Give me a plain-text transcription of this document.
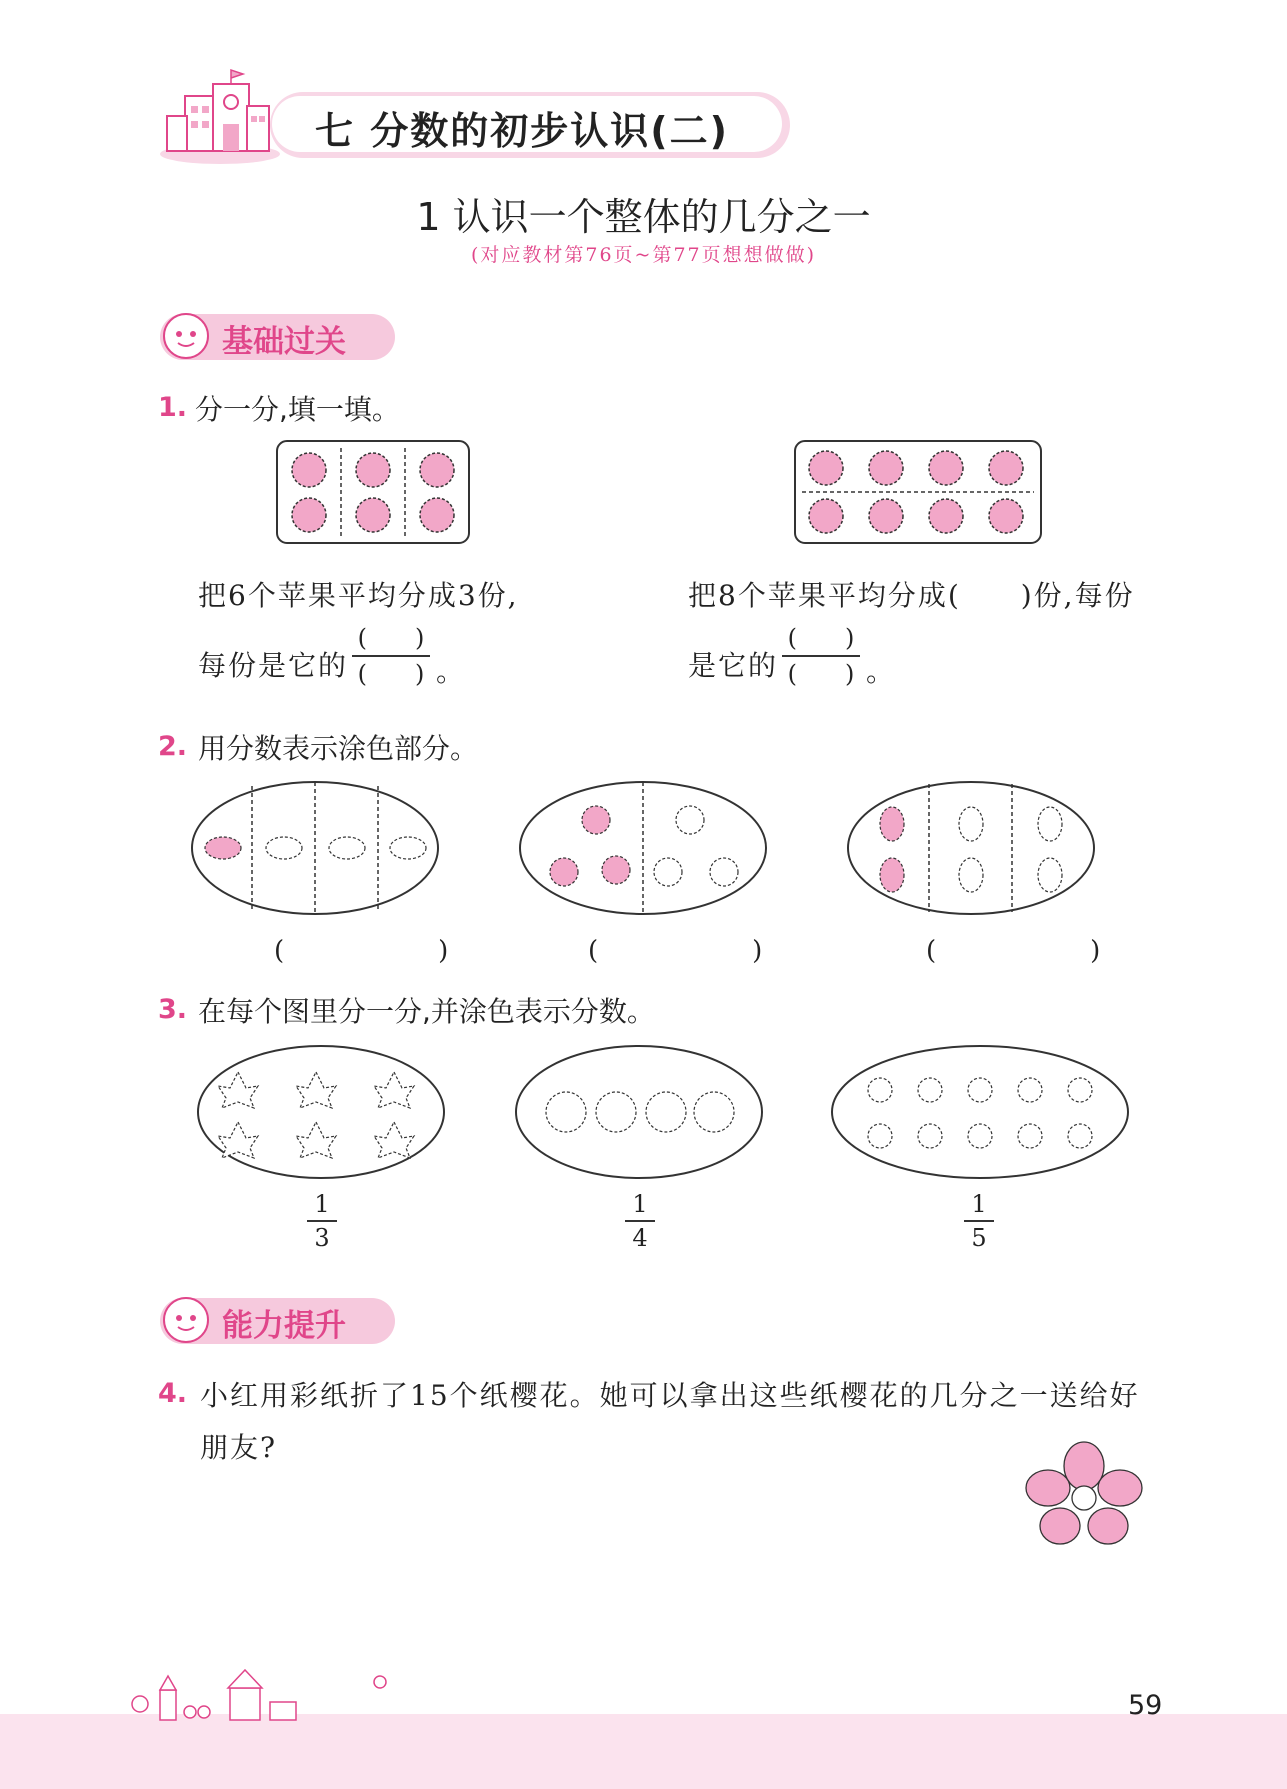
七 分数的初步认识(二)
1 认识一个整体的几分之一
(对应教材第76页~第77页想想做做)
基础过关
1. 分一分,填一填。
把6个苹果平均分成3份,
每份是它的
( )
( ) 。
把8个苹果平均分成(　　)份,每份
是它的
( )
( ) 。
2. 用分数表示涂色部分。
(　　)	(　　)	(　　)
3. 在每个图里分一分,并涂色表示分数。
1
3
1
4
1
5
能力提升
4. 小红用彩纸折了15个纸樱花。她可以拿出这些纸樱花的几分之一送给好
朋友?
59
